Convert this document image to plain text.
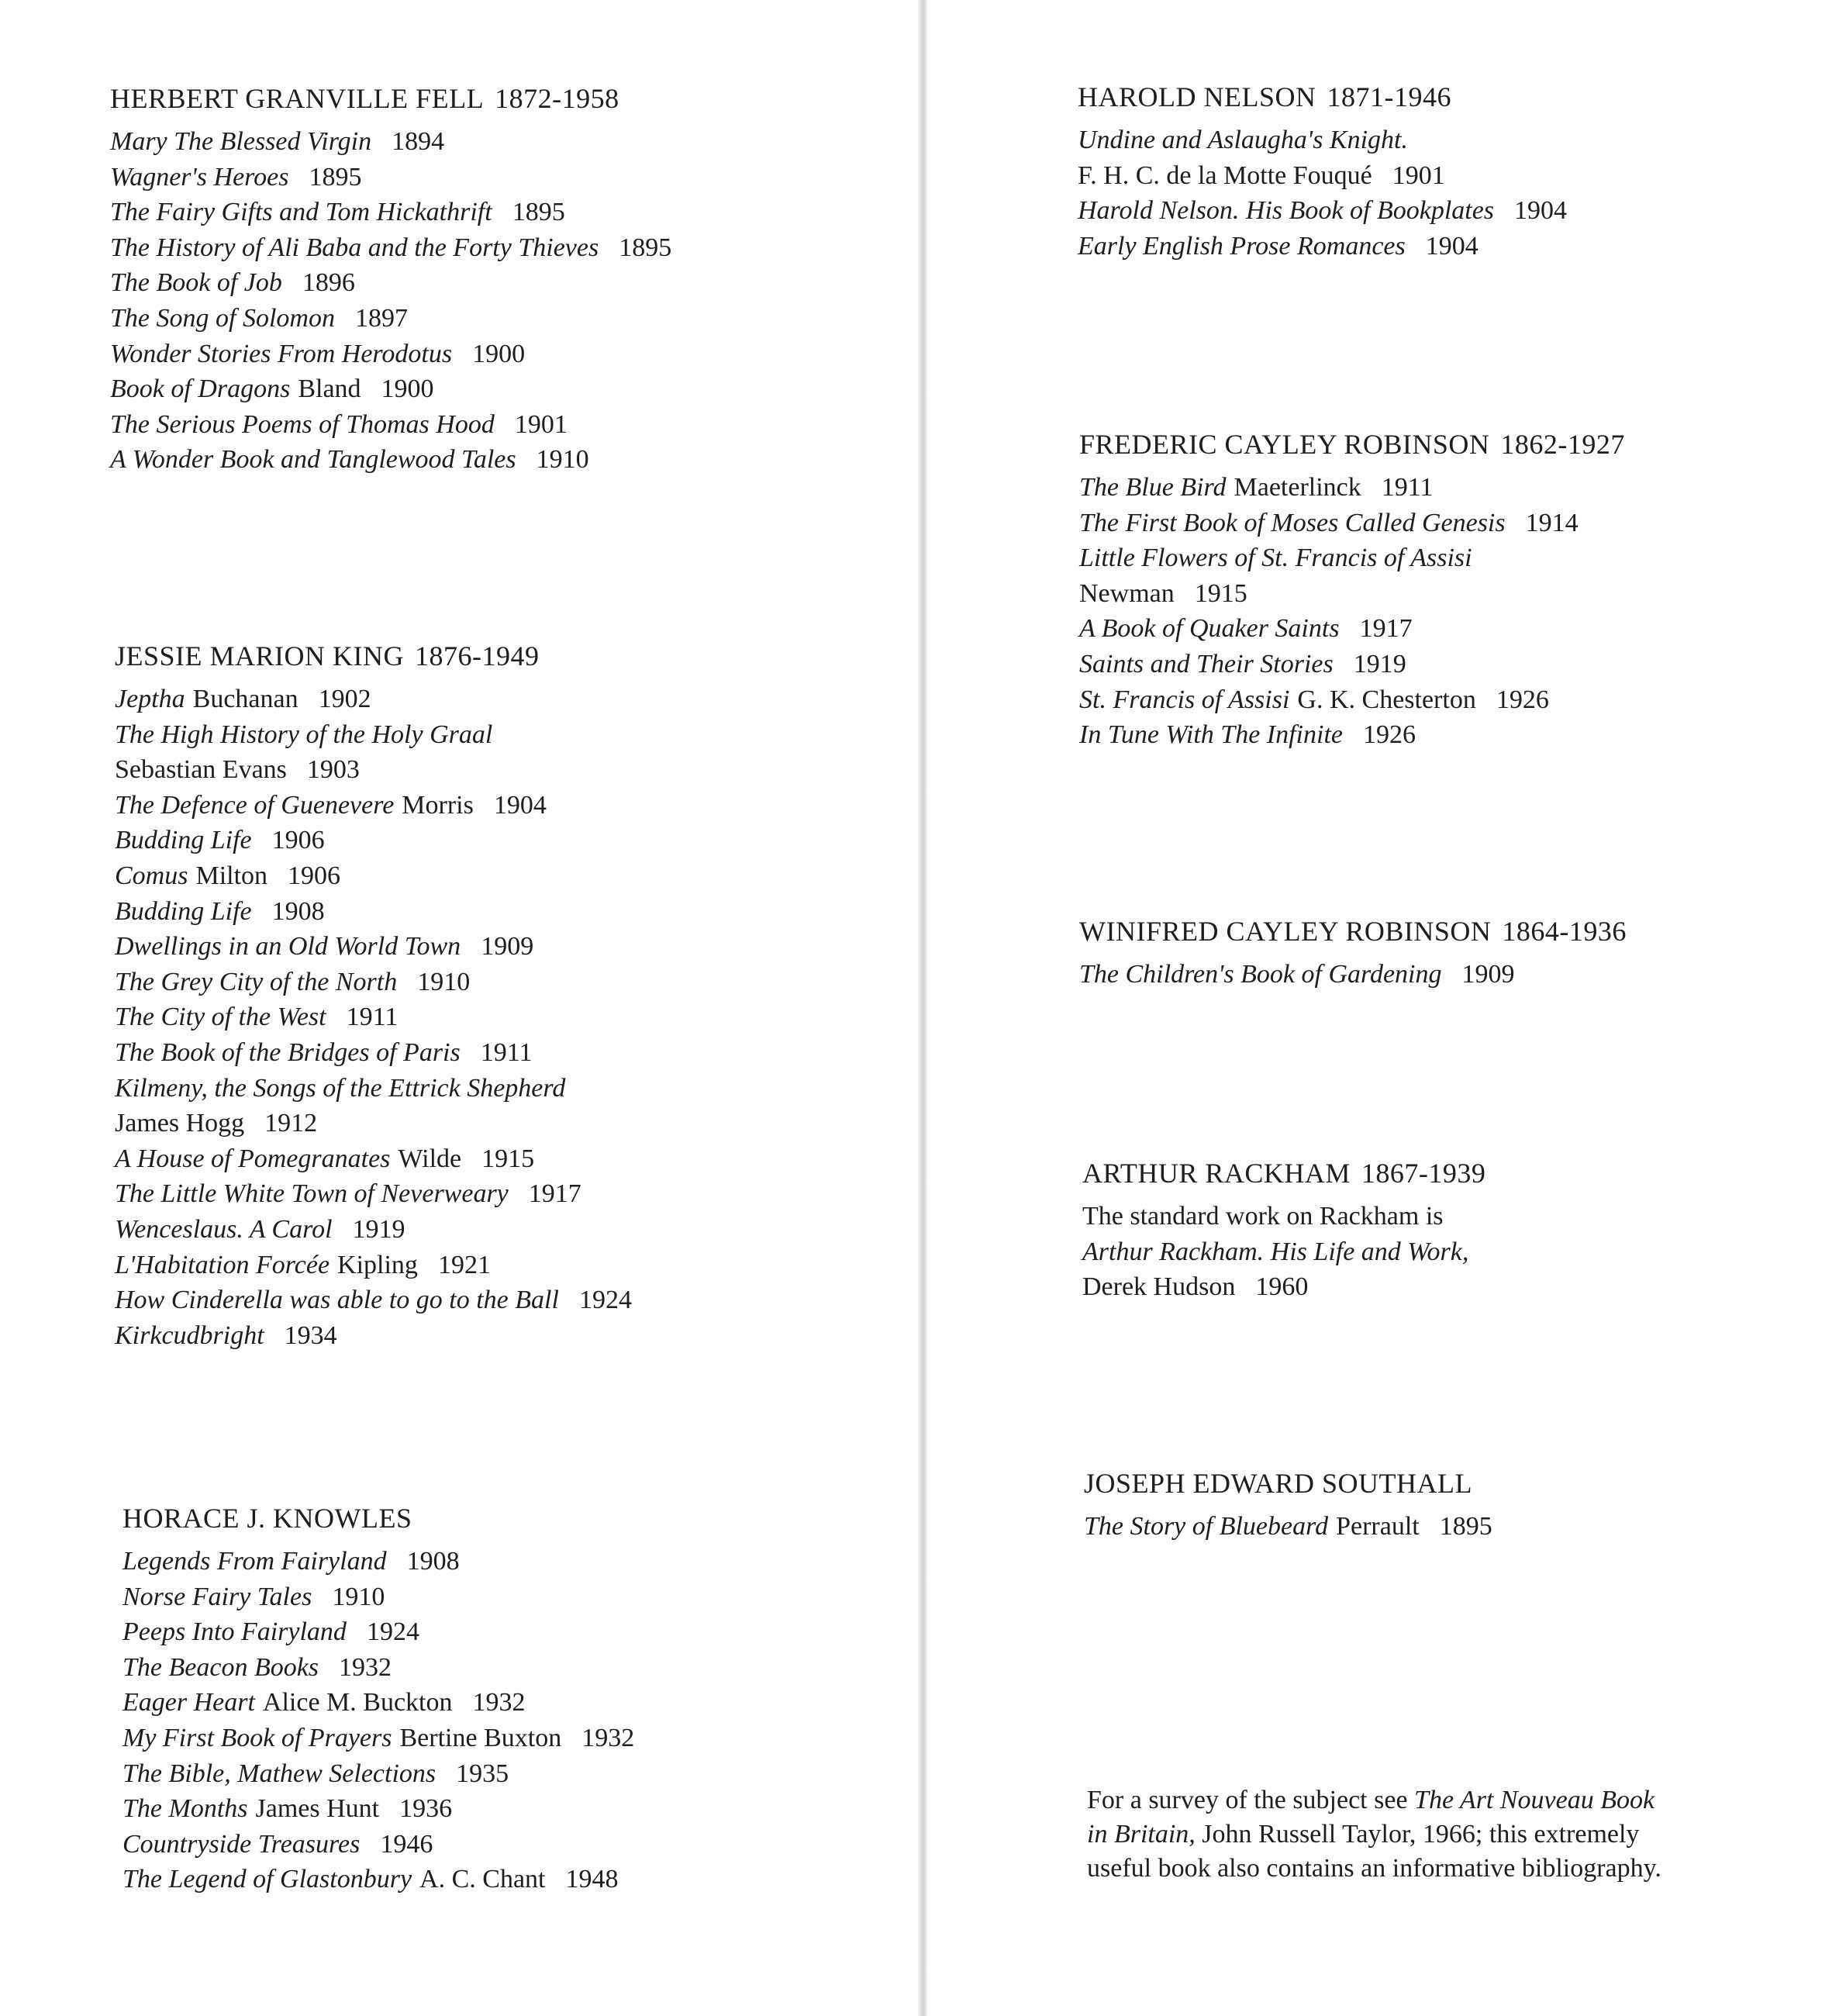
HERBERT GRANVILLE FELL 1872-1958
Mary The Blessed Virgin 1894
Wagner's Heroes 1895
The Fairy Gifts and Tom Hickathrift 1895
The History of Ali Baba and the Forty Thieves 1895
The Book of Job 1896
The Song of Solomon 1897
Wonder Stories From Herodotus 1900
Book of Dragons Bland 1900
The Serious Poems of Thomas Hood 1901
A Wonder Book and Tanglewood Tales 1910
JESSIE MARION KING 1876-1949
Jeptha Buchanan 1902
The High History of the Holy Graal
Sebastian Evans 1903
The Defence of Guenevere Morris 1904
Budding Life 1906
Comus Milton 1906
Budding Life 1908
Dwellings in an Old World Town 1909
The Grey City of the North 1910
The City of the West 1911
The Book of the Bridges of Paris 1911
Kilmeny, the Songs of the Ettrick Shepherd
James Hogg 1912
A House of Pomegranates Wilde 1915
The Little White Town of Neverweary 1917
Wenceslaus. A Carol 1919
L'Habitation Forcée Kipling 1921
How Cinderella was able to go to the Ball 1924
Kirkcudbright 1934
HORACE J. KNOWLES
Legends From Fairyland 1908
Norse Fairy Tales 1910
Peeps Into Fairyland 1924
The Beacon Books 1932
Eager Heart Alice M. Buckton 1932
My First Book of Prayers Bertine Buxton 1932
The Bible, Mathew Selections 1935
The Months James Hunt 1936
Countryside Treasures 1946
The Legend of Glastonbury A. C. Chant 1948
HAROLD NELSON 1871-1946
Undine and Aslaugha's Knight.
F. H. C. de la Motte Fouqué 1901
Harold Nelson. His Book of Bookplates 1904
Early English Prose Romances 1904
FREDERIC CAYLEY ROBINSON 1862-1927
The Blue Bird Maeterlinck 1911
The First Book of Moses Called Genesis 1914
Little Flowers of St. Francis of Assisi
Newman 1915
A Book of Quaker Saints 1917
Saints and Their Stories 1919
St. Francis of Assisi G. K. Chesterton 1926
In Tune With The Infinite 1926
WINIFRED CAYLEY ROBINSON 1864-1936
The Children's Book of Gardening 1909
ARTHUR RACKHAM 1867-1939
The standard work on Rackham is
Arthur Rackham. His Life and Work,
Derek Hudson 1960
JOSEPH EDWARD SOUTHALL
The Story of Bluebeard Perrault 1895
For a survey of the subject see The Art Nouveau Book
in Britain, John Russell Taylor, 1966; this extremely
useful book also contains an informative bibliography.
